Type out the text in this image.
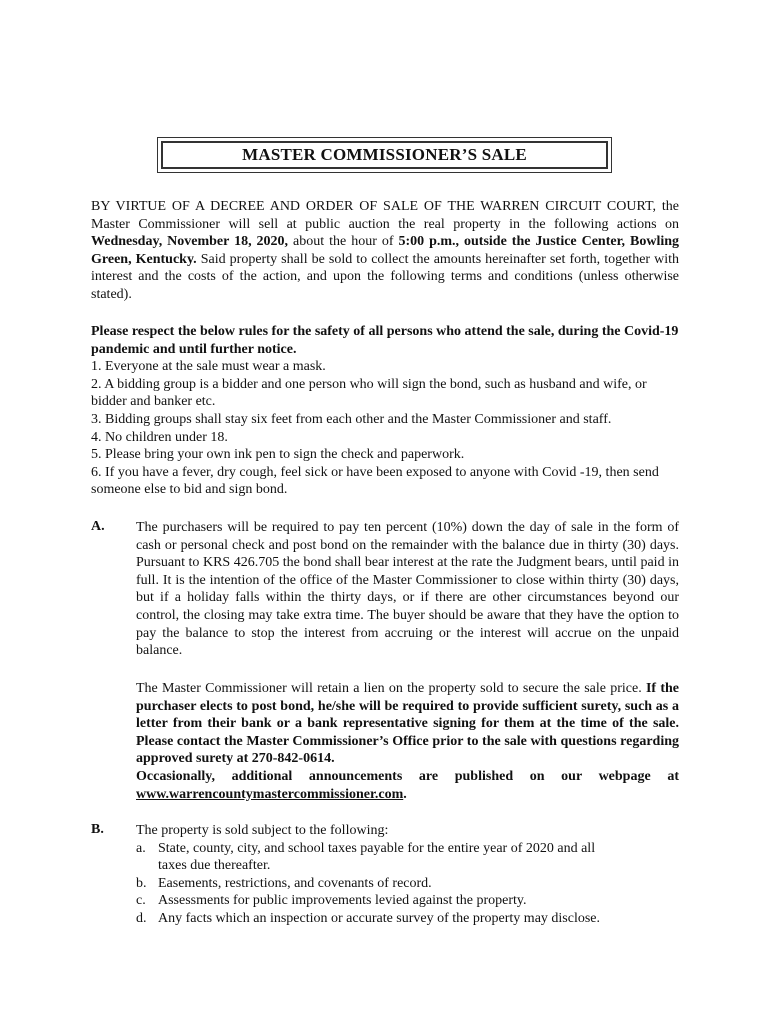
MASTER COMMISSIONER’S SALE
BY VIRTUE OF A DECREE AND ORDER OF SALE OF THE WARREN CIRCUIT COURT, the Master Commissioner will sell at public auction the real property in the following actions on Wednesday, November 18, 2020, about the hour of 5:00 p.m., outside the Justice Center, Bowling Green, Kentucky. Said property shall be sold to collect the amounts hereinafter set forth, together with interest and the costs of the action, and upon the following terms and conditions (unless otherwise stated).
Please respect the below rules for the safety of all persons who attend the sale, during the Covid-19 pandemic and until further notice.
1. Everyone at the sale must wear a mask.
2. A bidding group is a bidder and one person who will sign the bond, such as husband and wife, or bidder and banker etc.
3. Bidding groups shall stay six feet from each other and the Master Commissioner and staff.
4. No children under 18.
5. Please bring your own ink pen to sign the check and paperwork.
6. If you have a fever, dry cough, feel sick or have been exposed to anyone with Covid -19, then send someone else to bid and sign bond.
A.	The purchasers will be required to pay ten percent (10%) down the day of sale in the form of cash or personal check and post bond on the remainder with the balance due in thirty (30) days. Pursuant to KRS 426.705 the bond shall bear interest at the rate the Judgment bears, until paid in full. It is the intention of the office of the Master Commissioner to close within thirty (30) days, but if a holiday falls within the thirty days, or if there are other circumstances beyond our control, the closing may take extra time. The buyer should be aware that they have the option to pay the balance to stop the interest from accruing or the interest will accrue on the unpaid balance.

The Master Commissioner will retain a lien on the property sold to secure the sale price. If the purchaser elects to post bond, he/she will be required to provide sufficient surety, such as a letter from their bank or a bank representative signing for them at the time of the sale. Please contact the Master Commissioner’s Office prior to the sale with questions regarding approved surety at 270-842-0614.

Occasionally, additional announcements are published on our webpage at www.warrencountymastercommissioner.com.

B.	The property is sold subject to the following:

a. State, county, city, and school taxes payable for the entire year of 2020 and all taxes due thereafter.
b. Easements, restrictions, and covenants of record.
c. Assessments for public improvements levied against the property.
d. Any facts which an inspection or accurate survey of the property may disclose.
